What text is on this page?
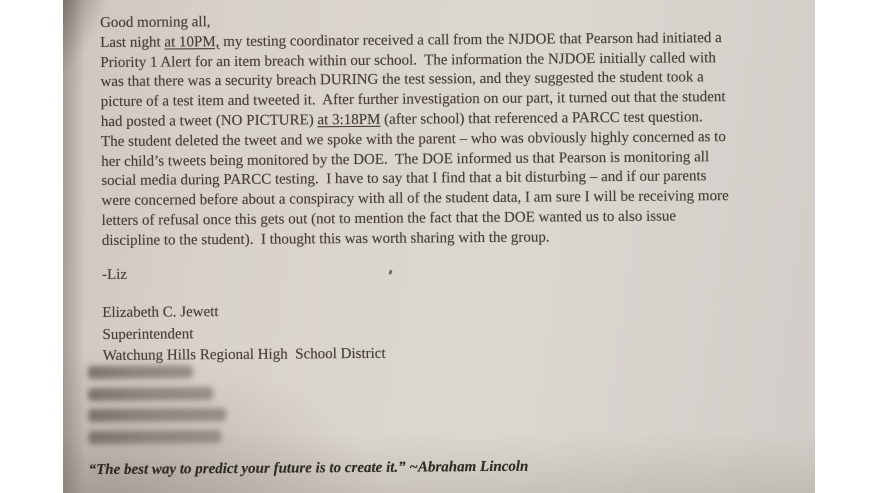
Good morning all,
Last night at 10PM, my testing coordinator received a call from the NJDOE that Pearson had initiated a
Priority 1 Alert for an item breach within our school.  The information the NJDOE initially called with
was that there was a security breach DURING the test session, and they suggested the student took a
picture of a test item and tweeted it.  After further investigation on our part, it turned out that the student
had posted a tweet (NO PICTURE) at 3:18PM (after school) that referenced a PARCC test question.
The student deleted the tweet and we spoke with the parent – who was obviously highly concerned as to
her child’s tweets being monitored by the DOE.  The DOE informed us that Pearson is monitoring all
social media during PARCC testing.  I have to say that I find that a bit disturbing – and if our parents
were concerned before about a conspiracy with all of the student data, I am sure I will be receiving more
letters of refusal once this gets out (not to mention the fact that the DOE wanted us to also issue
discipline to the student).  I thought this was worth sharing with the group.
-Liz
Elizabeth C. Jewett
Superintendent
Watchung Hills Regional High  School District
“The best way to predict your future is to create it.” ~Abraham Lincoln
